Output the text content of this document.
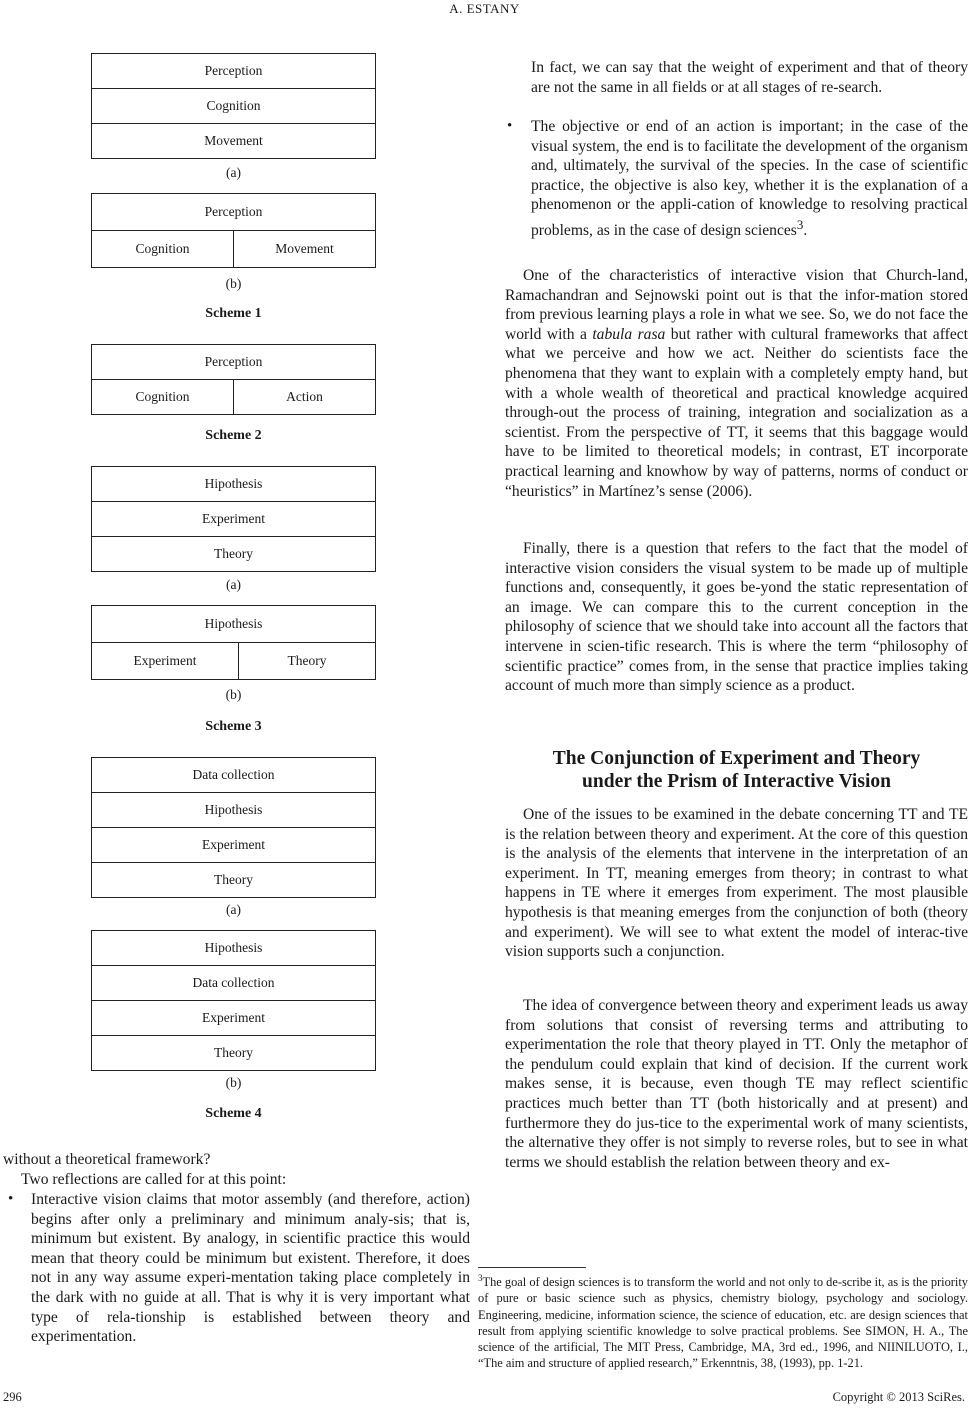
A. ESTANY
Perception
Cognition
Movement
(a)
Perception
Cognition	Movement
(b)
Scheme 1
Perception
Cognition	Action
Scheme 2
Hipothesis
Experiment
Theory
(a)
Hipothesis
Experiment	Theory
(b)
Scheme 3
Data collection
Hipothesis
Experiment
Theory
(a)
Hipothesis
Data collection
Experiment
Theory
(b)
Scheme 4

without a theoretical framework?

Two reflections are called for at this point:

• Interactive vision claims that motor assembly (and therefore, action) begins after only a preliminary and minimum analy-sis; that is, minimum but existent. By analogy, in scientific practice this would mean that theory could be minimum but existent. Therefore, it does not in any way assume experi-mentation taking place completely in the dark with no guide at all. That is why it is very important what type of rela-tionship is established between theory and experimentation.

In fact, we can say that the weight of experiment and that of theory are not the same in all fields or at all stages of re-search.

• The objective or end of an action is important; in the case of the visual system, the end is to facilitate the development of the organism and, ultimately, the survival of the species. In the case of scientific practice, the objective is also key, whether it is the explanation of a phenomenon or the appli-cation of knowledge to resolving practical problems, as in the case of design sciences$^3$.

One of the characteristics of interactive vision that Church-land, Ramachandran and Sejnowski point out is that the infor-mation stored from previous learning plays a role in what we see. So, we do not face the world with a tabula rasa but rather with cultural frameworks that affect what we perceive and how we act. Neither do scientists face the phenomena that they want to explain with a completely empty hand, but with a whole wealth of theoretical and practical knowledge acquired through-out the process of training, integration and socialization as a scientist. From the perspective of TT, it seems that this baggage would have to be limited to theoretical models; in contrast, ET incorporate practical learning and knowhow by way of patterns, norms of conduct or “heuristics” in Martínez’s sense (2006).

Finally, there is a question that refers to the fact that the model of interactive vision considers the visual system to be made up of multiple functions and, consequently, it goes be-yond the static representation of an image. We can compare this to the current conception in the philosophy of science that we should take into account all the factors that intervene in scien-tific research. This is where the term “philosophy of scientific practice” comes from, in the sense that practice implies taking account of much more than simply science as a product.

The Conjunction of Experiment and Theory
under the Prism of Interactive Vision

One of the issues to be examined in the debate concerning TT and TE is the relation between theory and experiment. At the core of this question is the analysis of the elements that intervene in the interpretation of an experiment. In TT, meaning emerges from theory; in contrast to what happens in TE where it emerges from experiment. The most plausible hypothesis is that meaning emerges from the conjunction of both (theory and experiment). We will see to what extent the model of interac-tive vision supports such a conjunction.

The idea of convergence between theory and experiment leads us away from solutions that consist of reversing terms and attributing to experimentation the role that theory played in TT. Only the metaphor of the pendulum could explain that kind of decision. If the current work makes sense, it is because, even though TE may reflect scientific practices much better than TT (both historically and at present) and furthermore they do jus-tice to the experimental work of many scientists, the alternative they offer is not simply to reverse roles, but to see in what terms we should establish the relation between theory and ex-

$^3$The goal of design sciences is to transform the world and not only to de-scribe it, as is the priority of pure or basic science such as physics, chemistry biology, psychology and sociology. Engineering, medicine, information science, the science of education, etc. are design sciences that result from applying scientific knowledge to solve practical problems. See SIMON, H. A., The science of the artificial, The MIT Press, Cambridge, MA, 3rd ed., 1996, and NIINILUOTO, I., “The aim and structure of applied research,” Erkenntnis, 38, (1993), pp. 1-21.

296	Copyright © 2013 SciRes.
